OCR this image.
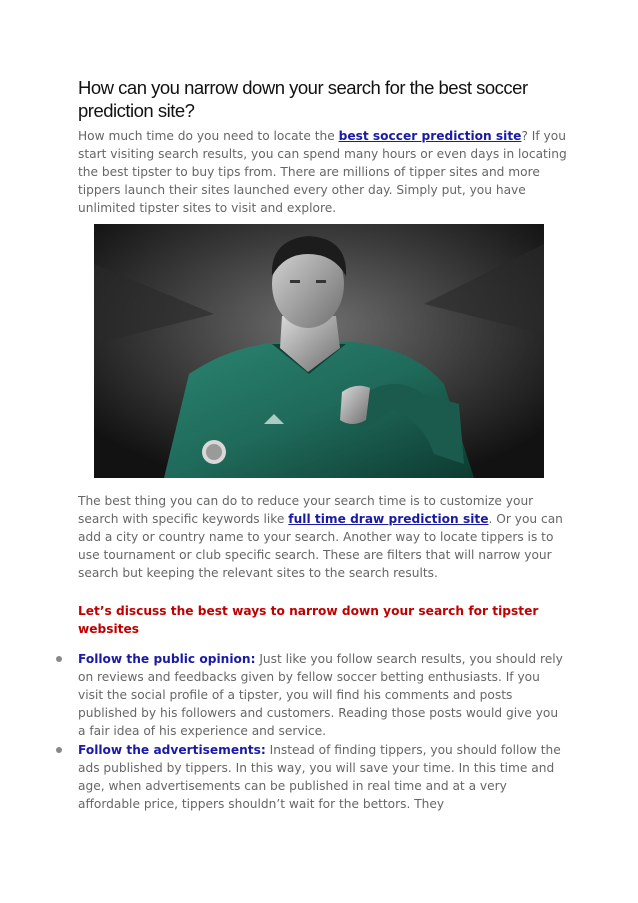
How can you narrow down your search for the best soccer prediction site?

How much time do you need to locate the best soccer prediction site? If you start visiting search results, you can spend many hours or even days in locating the best tipster to buy tips from. There are millions of tipper sites and more tippers launch their sites launched every other day. Simply put, you have unlimited tipster sites to visit and explore.

The best thing you can do to reduce your search time is to customize your search with specific keywords like full time draw prediction site. Or you can add a city or country name to your search. Another way to locate tippers is to use tournament or club specific search. These are filters that will narrow your search but keeping the relevant sites to the search results.

Let’s discuss the best ways to narrow down your search for tipster websites

Follow the public opinion: Just like you follow search results, you should rely on reviews and feedbacks given by fellow soccer betting enthusiasts. If you visit the social profile of a tipster, you will find his comments and posts published by his followers and customers. Reading those posts would give you a fair idea of his experience and service.

Follow the advertisements: Instead of finding tippers, you should follow the ads published by tippers. In this way, you will save your time. In this time and age, when advertisements can be published in real time and at a very affordable price, tippers shouldn’t wait for the bettors. They
